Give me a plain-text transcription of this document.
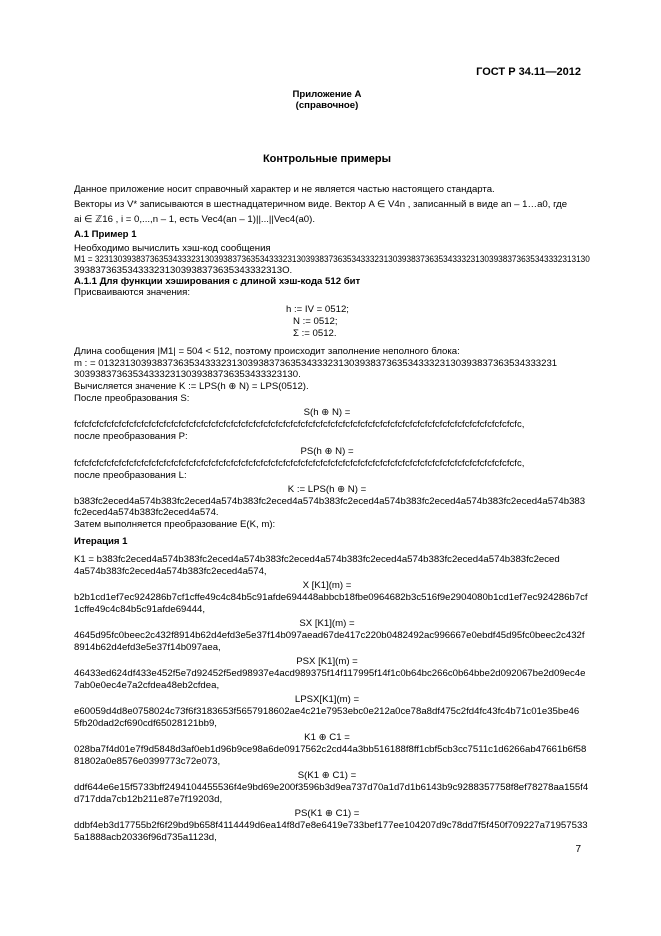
ГОСТ Р 34.11—2012
Приложение А
(справочное)
Контрольные примеры
Данное приложение носит справочный характер и не является частью настоящего стандарта.
Векторы из V* записываются в шестнадцатеричном виде. Вектор A ∈ V4n , записанный в виде an – 1…a0, где
ai ∈ ℤ16 , i = 0,...,n – 1, есть Vec4(an – 1)||...||Vec4(a0).
А.1 Пример 1
Необходимо вычислить хэш-код сообщения
M1 = 323130393837363534333231303938373635343332313039383736353433323130393837363534333231303938373635343332313130
393837363534333231303938373635343332313O.
А.1.1 Для функции хэширования с длиной хэш-кода 512 бит
Присваиваются значения:
h := IV = 0512;
N := 0512;
Σ := 0512.
Длина сообщения |M1| = 504 < 512, поэтому происходит заполнение неполного блока:
m : = 01323130393837363534333231303938373635343332313039383736353433323130393837363534333231
303938373635343332313039383736353433323130.
Вычисляется значение K := LPS(h ⊕ N) = LPS(0512).
После преобразования S:
S(h ⊕ N) =
fcfcfcfcfcfcfcfcfcfcfcfcfcfcfcfcfcfcfcfcfcfcfcfcfcfcfcfcfcfcfcfcfcfcfcfcfcfcfcfcfcfcfcfcfcfcfcfcfcfcfcfcfcfcfcfcfcfcfcfc,
после преобразования P:
PS(h ⊕ N) =
fcfcfcfcfcfcfcfcfcfcfcfcfcfcfcfcfcfcfcfcfcfcfcfcfcfcfcfcfcfcfcfcfcfcfcfcfcfcfcfcfcfcfcfcfcfcfcfcfcfcfcfcfcfcfcfcfcfcfcfc,
после преобразования L:
K := LPS(h ⊕ N) =
b383fc2eced4a574b383fc2eced4a574b383fc2eced4a574b383fc2eced4a574b383fc2eced4a574b383fc2eced4a574b383
fc2eced4a574b383fc2eced4a574.
Затем выполняется преобразование E(K, m):
Итерация 1
K1 = b383fc2eced4a574b383fc2eced4a574b383fc2eced4a574b383fc2eced4a574b383fc2eced4a574b383fc2eced
4a574b383fc2eced4a574b383fc2eced4a574,
X [K1](m) =
b2b1cd1ef7ec924286b7cf1cffe49c4c84b5c91afde694448abbcb18fbe0964682b3c516f9e2904080b1cd1ef7ec924286b7cf
1cffe49c4c84b5c91afde69444,
SX [K1](m) =
4645d95fc0beec2c432f8914b62d4efd3e5e37f14b097aead67de417c220b0482492ac996667e0ebdf45d95fc0beec2c432f
8914b62d4efd3e5e37f14b097aea,
PSX [K1](m) =
46433ed624df433e452f5e7d92452f5ed98937e4acd989375f14f117995f14f1c0b64bc266c0b64bbe2d092067be2d09ec4e
7ab0e0ec4e7a2cfdea48eb2cfdea,
LPSX[K1](m) =
e60059d4d8e0758024c73f6f3183653f5657918602ae4c21e7953ebc0e212a0ce78a8df475c2fd4fc43fc4b71c01e35be46
5fb20dad2cf690cdf65028121bb9,
K1 ⊕ C1 =
028ba7f4d01e7f9d5848d3af0eb1d96b9ce98a6de0917562c2cd44a3bb516188f8ff1cbf5cb3cc7511c1d6266ab47661b6f58
81802a0e8576e0399773c72e073,
S(K1 ⊕ C1) =
ddf644e6e15f5733bff2494104455536f4e9bd69e200f3596b3d9ea737d70a1d7d1b6143b9c9288357758f8ef78278aa155f4
d717dda7cb12b211e87e7f19203d,
PS(K1 ⊕ C1) =
ddbf4eb3d17755b2f6f29bd9b658f4114449d6ea14f8d7e8e6419e733bef177ee104207d9c78dd7f5f450f709227a71957533
5a1888acb20336f96d735a1123d,
7
